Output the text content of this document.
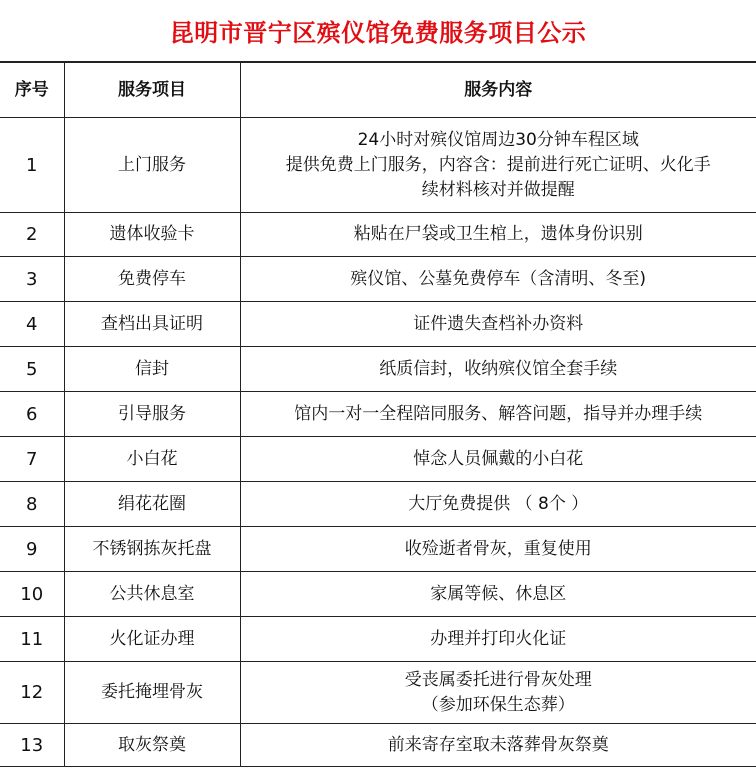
昆明市晋宁区殡仪馆免费服务项目公示
序号	服务项目	服务内容
1	上门服务	24小时对殡仪馆周边30分钟车程区域
提供免费上门服务，内容含：提前进行死亡证明、火化手
续材料核对并做提醒

2	遗体收验卡	粘贴在尸袋或卫生棺上，遗体身份识别
3	免费停车	殡仪馆、公墓免费停车（含清明、冬至)
4	查档出具证明	证件遗失查档补办资料
5	信封	纸质信封，收纳殡仪馆全套手续
6	引导服务	馆内一对一全程陪同服务、解答问题，指导并办理手续
7	小白花	悼念人员佩戴的小白花
8	绢花花圈	大厅免费提供 （ 8个 ）
9	不锈钢拣灰托盘	收殓逝者骨灰，重复使用
10	公共休息室	家属等候、休息区
11	火化证办理	办理并打印火化证
12	委托掩埋骨灰	受丧属委托进行骨灰处理
（参加环保生态葬）

13	取灰祭奠	前来寄存室取未落葬骨灰祭奠
